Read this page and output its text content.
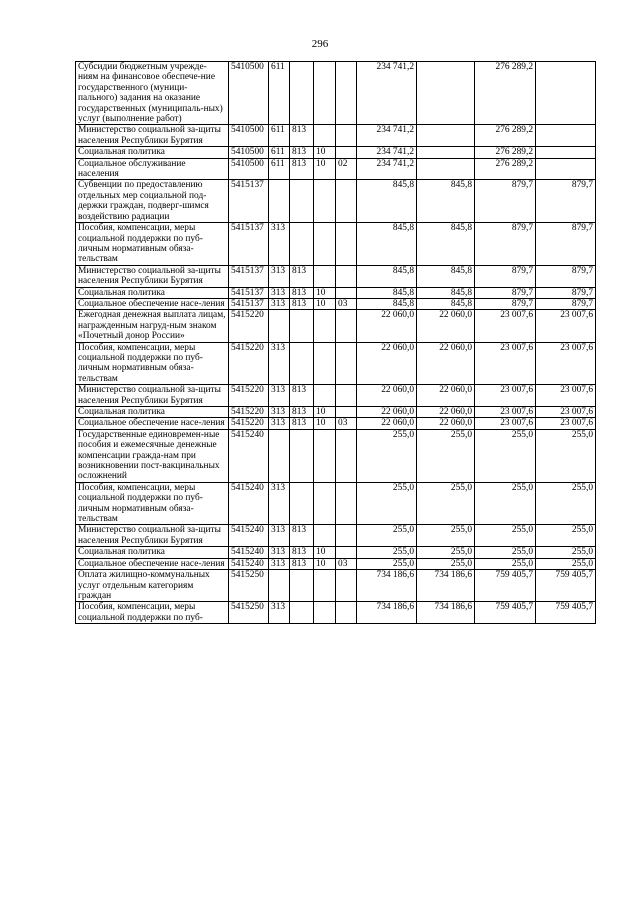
296
Субсидии бюджетным учрежде-ниям на финансовое обеспече-ние государственного (муници-пального) задания на оказание государственных (муниципаль-ных) услуг (выполнение работ)	5410500	611				234 741,2		276 289,2	
Министерство социальной за-щиты населения Республики Бурятия	5410500	611	813			234 741,2		276 289,2	
Социальная политика	5410500	611	813	10		234 741,2		276 289,2	
Социальное обслуживание населения	5410500	611	813	10	02	234 741,2		276 289,2	
Субвенции по предоставлению отдельных мер социальной под-держки граждан, подверг-шимся воздействию радиации	5415137					845,8	845,8	879,7	879,7
Пособия, компенсации, меры социальной поддержки по пуб-личным нормативным обяза-тельствам	5415137	313				845,8	845,8	879,7	879,7
Министерство социальной за-щиты населения Республики Бурятия	5415137	313	813			845,8	845,8	879,7	879,7
Социальная политика	5415137	313	813	10		845,8	845,8	879,7	879,7
Социальное обеспечение насе-ления	5415137	313	813	10	03	845,8	845,8	879,7	879,7
Ежегодная денежная выплата лицам, награжденным нагруд-ным знаком «Почетный донор России»	5415220					22 060,0	22 060,0	23 007,6	23 007,6
Пособия, компенсации, меры социальной поддержки по пуб-личным нормативным обяза-тельствам	5415220	313				22 060,0	22 060,0	23 007,6	23 007,6
Министерство социальной за-щиты населения Республики Бурятия	5415220	313	813			22 060,0	22 060,0	23 007,6	23 007,6
Социальная политика	5415220	313	813	10		22 060,0	22 060,0	23 007,6	23 007,6
Социальное обеспечение насе-ления	5415220	313	813	10	03	22 060,0	22 060,0	23 007,6	23 007,6
Государственные единовремен-ные пособия и ежемесячные денежные компенсации гражда-нам при возникновении пост-вакцинальных осложнений	5415240					255,0	255,0	255,0	255,0
Пособия, компенсации, меры социальной поддержки по пуб-личным нормативным обяза-тельствам	5415240	313				255,0	255,0	255,0	255,0
Министерство социальной за-щиты населения Республики Бурятия	5415240	313	813			255,0	255,0	255,0	255,0
Социальная политика	5415240	313	813	10		255,0	255,0	255,0	255,0
Социальное обеспечение насе-ления	5415240	313	813	10	03	255,0	255,0	255,0	255,0
Оплата жилищно-коммунальных услуг отдельным категориям граждан	5415250					734 186,6	734 186,6	759 405,7	759 405,7
Пособия, компенсации, меры социальной поддержки по пуб-	5415250	313				734 186,6	734 186,6	759 405,7	759 405,7
